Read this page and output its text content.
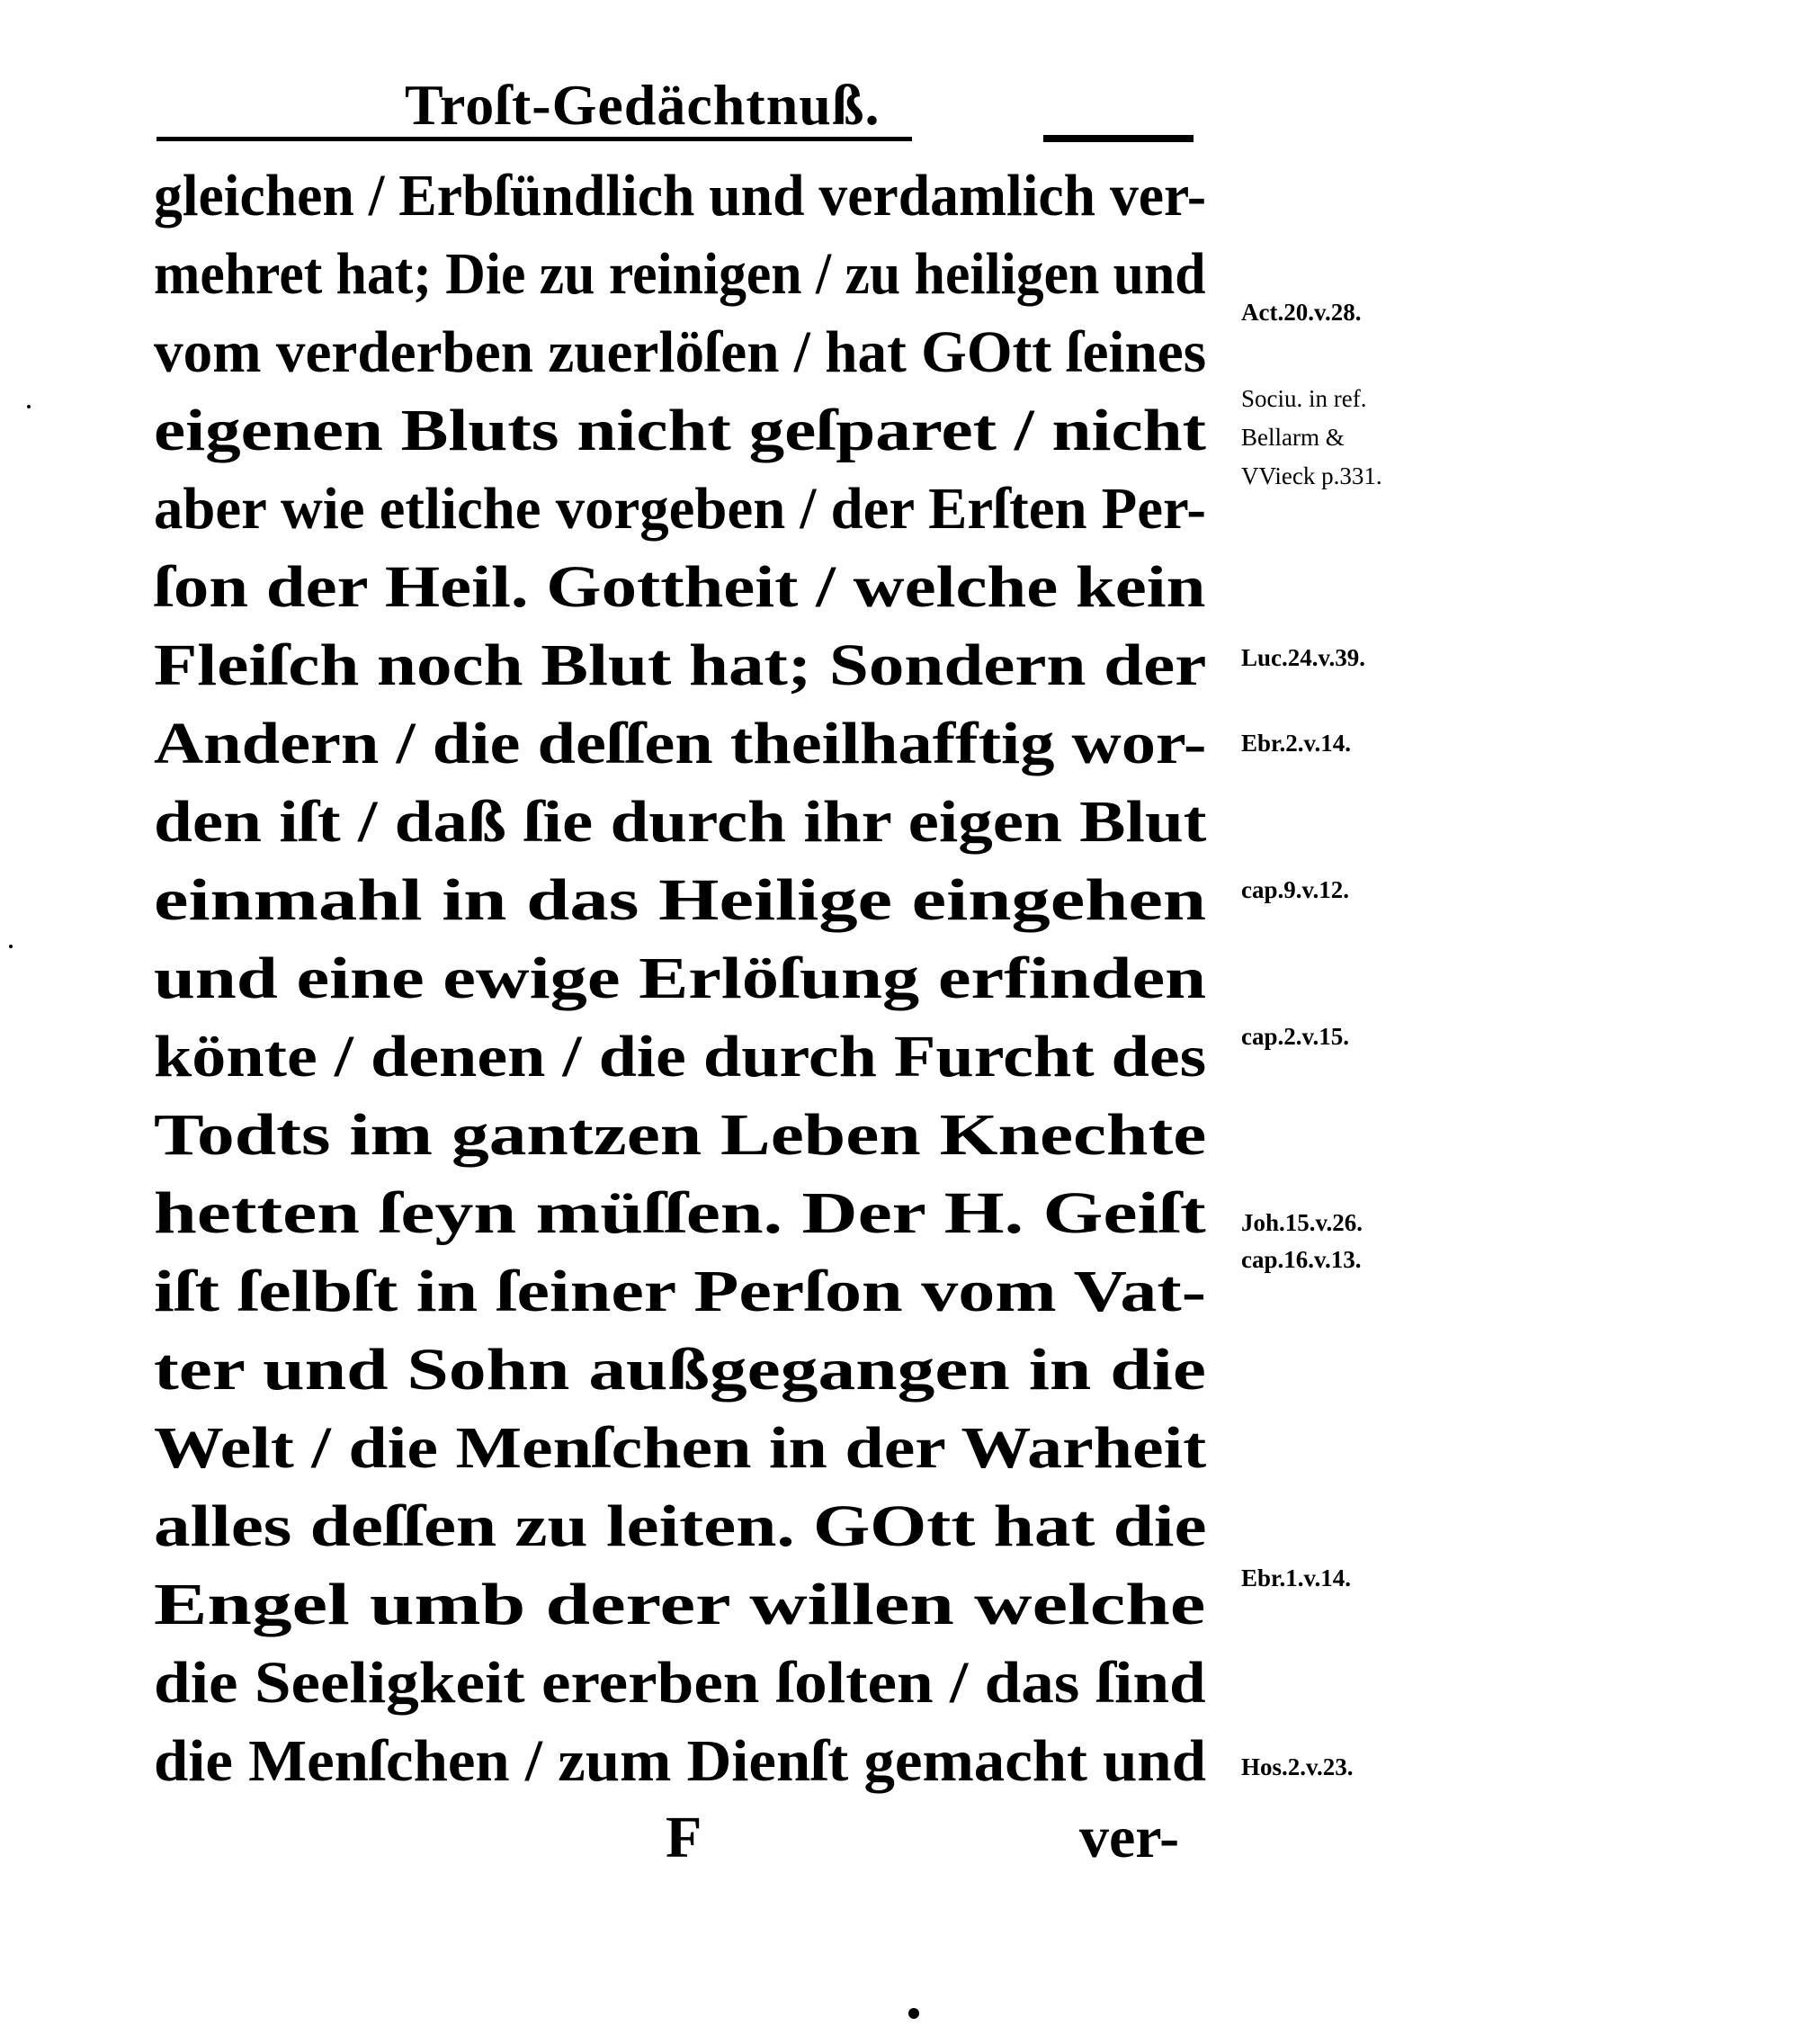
Troſt-Gedächtnuß.
gleichen / Erbſündlich und verdamlich ver-
mehret hat; Die zu reinigen / zu heiligen und
vom verderben zuerlöſen / hat GOtt ſeines
eigenen Bluts nicht geſparet / nicht
aber wie etliche vorgeben / der Erſten Per-
ſon der Heil. Gottheit / welche kein
Fleiſch noch Blut hat; Sondern der
Andern / die deſſen theilhafftig wor-
den iſt / daß ſie durch ihr eigen Blut
einmahl in das Heilige eingehen
und eine ewige Erlöſung erfinden
könte / denen / die durch Furcht des
Todts im gantzen Leben Knechte
hetten ſeyn müſſen. Der H. Geiſt
iſt ſelbſt in ſeiner Perſon vom Vat-
ter und Sohn außgegangen in die
Welt / die Menſchen in der Warheit
alles deſſen zu leiten. GOtt hat die
Engel umb derer willen welche
die Seeligkeit ererben ſolten / das ſind
die Menſchen / zum Dienſt gemacht und
F	ver-
Act.20.v.28.
Sociu. in ref.
Bellarm &
VVieck p.331.
Luc.24.v.39.
Ebr.2.v.14.
cap.9.v.12.
cap.2.v.15.
Joh.15.v.26.
cap.16.v.13.
Ebr.1.v.14.
Hos.2.v.23.
